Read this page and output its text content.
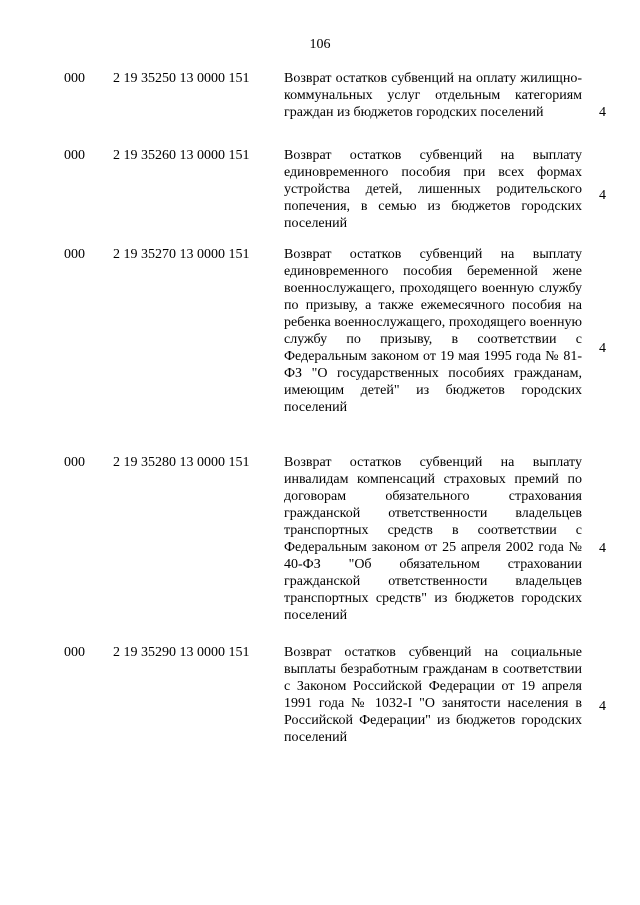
106
000 2 19 35250 13 0000 151 Возврат остатков субвенций на оплату жилищно-коммунальных услуг отдельным категориям граждан из бюджетов городских поселений	4
000 2 19 35260 13 0000 151 Возврат остатков субвенций на выплату единовременного пособия при всех формах устройства детей, лишенных родительского попечения, в семью из бюджетов городских поселений
4
000 2 19 35270 13 0000 151 Возврат остатков субвенций на выплату единовременного пособия беременной жене военнослужащего, проходящего военную службу по призыву, а также ежемесячного пособия на ребенка военнослужащего, проходящего военную службу по призыву, в соответствии с Федеральным законом от 19 мая 1995 года № 81-ФЗ "О государственных пособиях гражданам, имеющим детей" из бюджетов городских поселений
4
000 2 19 35280 13 0000 151 Возврат остатков субвенций на выплату инвалидам компенсаций страховых премий по договорам обязательного страхования гражданской ответственности владельцев транспортных средств в соответствии с Федеральным законом от 25 апреля 2002 года № 40-ФЗ "Об обязательном страховании гражданской ответственности владельцев транспортных средств" из бюджетов городских поселений
4
000 2 19 35290 13 0000 151 Возврат остатков субвенций на социальные выплаты безработным гражданам в соответствии с Законом Российской Федерации от 19 апреля 1991 года № 1032-I "О занятости населения в Российской Федерации" из бюджетов городских поселений
4
